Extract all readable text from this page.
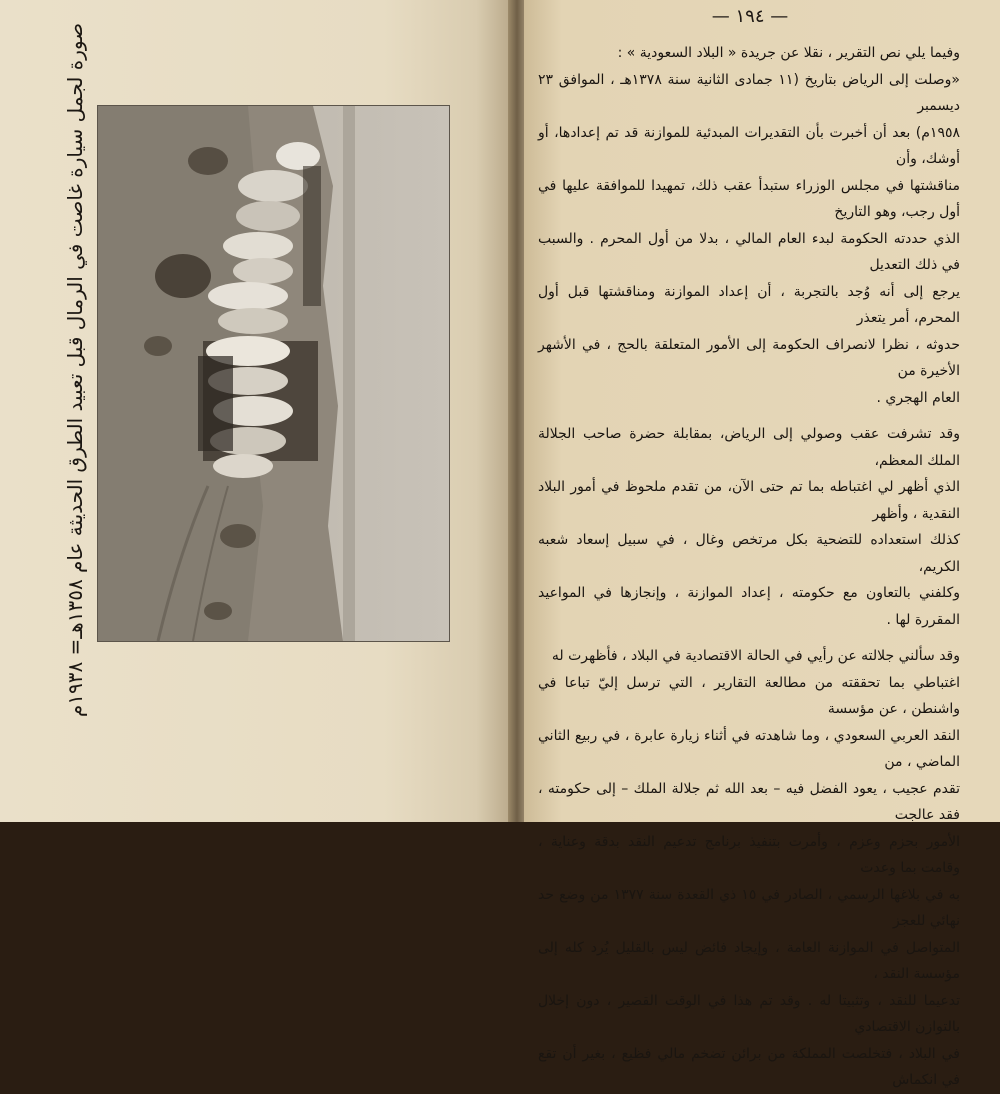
صورة لجمل سيارة غاصت في الرمال قبل تعبيد الطرق الحديثة عام ١٣٥٨هـ= ١٩٣٨م
— ١٩٤ —

وفيما يلي نص التقرير ، نقلا عن جريدة « البلاد السعودية » :

«وصلت إلى الرياض بتاريخ (١١ جمادى الثانية سنة ١٣٧٨هـ ، الموافق ٢٣ ديسمبر

١٩٥٨م) بعد أن أخبرت بأن التقديرات المبدئية للموازنة قد تم إعدادها، أو أوشك، وأن

مناقشتها في مجلس الوزراء ستبدأ عقب ذلك، تمهيدا للموافقة عليها في أول رجب، وهو التاريخ

الذي حددته الحكومة لبدء العام المالي ، بدلا من أول المحرم . والسبب في ذلك التعديل

يرجع إلى أنه وُجد بالتجربة ، أن إعداد الموازنة ومناقشتها قبل أول المحرم، أمر يتعذر

حدوثه ، نظرا لانصراف الحكومة إلى الأمور المتعلقة بالحج ، في الأشهر الأخيرة من

العام الهجري .

وقد تشرفت عقب وصولي إلى الرياض، بمقابلة حضرة صاحب الجلالة الملك المعظم،

الذي أظهر لي اغتباطه بما تم حتى الآن، من تقدم ملحوظ في أمور البلاد النقدية ، وأظهر

كذلك استعداده للتضحية بكل مرتخص وغال ، في سبيل إسعاد شعبه الكريم،

وكلفني بالتعاون مع حكومته ، إعداد الموازنة ، وإنجازها في المواعيد المقررة لها .

وقد سألني جلالته عن رأيي في الحالة الاقتصادية في البلاد ، فأظهرت له

اغتباطي بما تحققته من مطالعة التقارير ، التي ترسل إليّ تباعا في واشنطن ، عن مؤسسة

النقد العربي السعودي ، وما شاهدته في أثناء زيارة عابرة ، في ربيع الثاني الماضي ، من

تقدم عجيب ، يعود الفضل فيه – بعد الله ثم جلالة الملك – إلى حكومته ، فقد عالجت

الأمور بحزم وعزم ، وأمرت بتنفيذ برنامج تدعيم النقد بدقة وعناية ، وقامت بما وعدت

به في بلاغها الرسمي ، الصادر في ١٥ ذي القعدة سنة ١٣٧٧ من وضع حد نهائي للعجز

المتواصل في الموازنة العامة ، وإيجاد فائض ليس بالقليل يُرد كله إلى مؤسسة النقد ،

تدعيما للنقد ، وتثبيتا له . وقد تم هذا في الوقت القصير ، دون إخلال بالتوازن الاقتصادي

في البلاد ، فتخلصت المملكة من برائن تضخم مالي فظيع ، بغير أن تقع في انكماش
